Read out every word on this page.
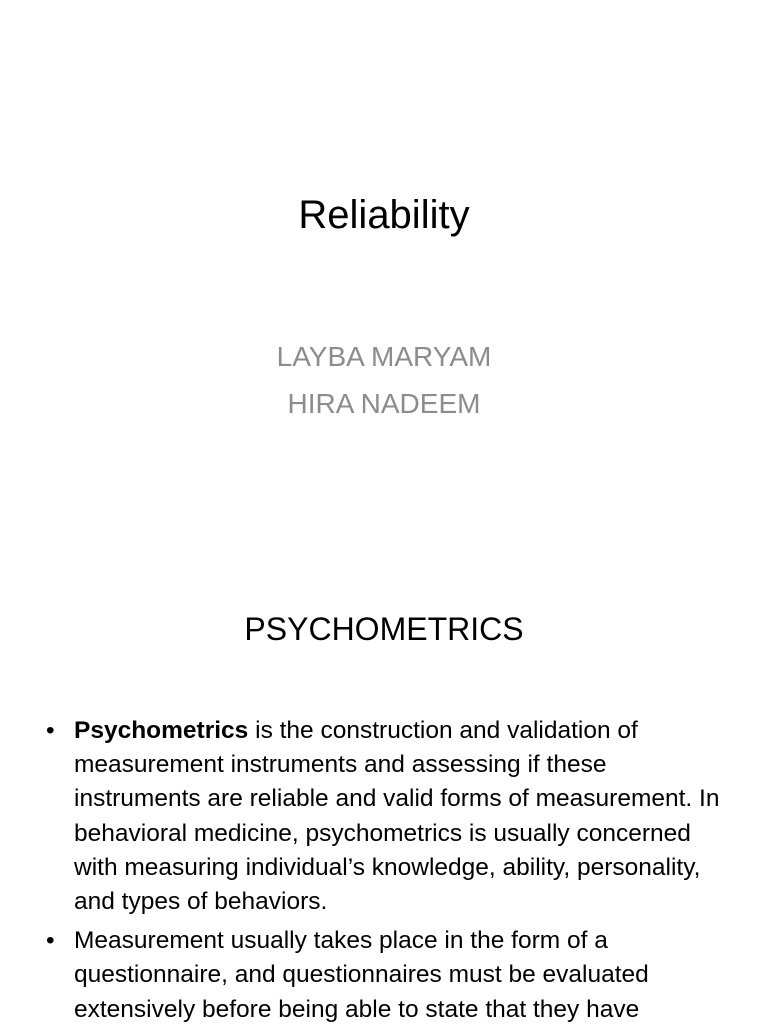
Reliability
LAYBA MARYAM
HIRA NADEEM
PSYCHOMETRICS
• Psychometrics is the construction and validation of measurement instruments and assessing if these instruments are reliable and valid forms of measurement. In behavioral medicine, psychometrics is usually concerned with measuring individual’s knowledge, ability, personality, and types of behaviors.
• Measurement usually takes place in the form of a questionnaire, and questionnaires must be evaluated extensively before being able to state that they have
